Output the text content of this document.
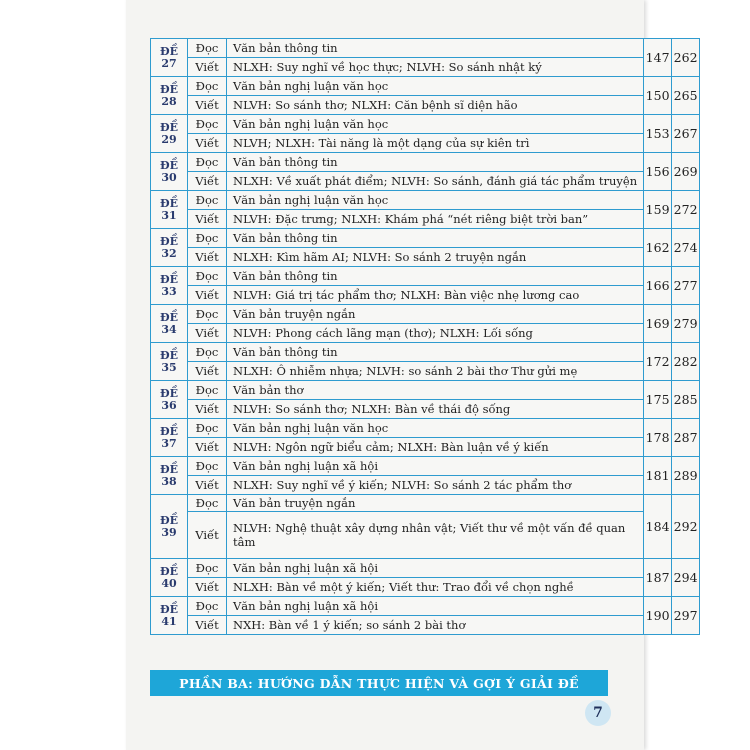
ĐỀ
27	Đọc	Văn bản thông tin	147	262
	Viết	NLXH: Suy nghĩ về học thực; NLVH: So sánh nhật ký		
ĐỀ
28	Đọc	Văn bản nghị luận văn học	150	265
	Viết	NLVH: So sánh thơ; NLXH: Căn bệnh sĩ diện hão		
ĐỀ
29	Đọc	Văn bản nghị luận văn học	153	267
	Viết	NLVH; NLXH: Tài năng là một dạng của sự kiên trì		
ĐỀ
30	Đọc	Văn bản thông tin	156	269
	Viết	NLXH: Về xuất phát điểm; NLVH: So sánh, đánh giá tác phẩm truyện		
ĐỀ
31	Đọc	Văn bản nghị luận văn học	159	272
	Viết	NLVH: Đặc trưng; NLXH: Khám phá “nét riêng biệt trời ban”		
ĐỀ
32	Đọc	Văn bản thông tin	162	274
	Viết	NLXH: Kìm hãm AI; NLVH: So sánh 2 truyện ngắn		
ĐỀ
33	Đọc	Văn bản thông tin	166	277
	Viết	NLVH: Giá trị tác phẩm thơ; NLXH: Bàn việc nhẹ lương cao		
ĐỀ
34	Đọc	Văn bản truyện ngắn	169	279
	Viết	NLVH: Phong cách lãng mạn (thơ); NLXH: Lối sống		
ĐỀ
35	Đọc	Văn bản thông tin	172	282
	Viết	NLXH: Ô nhiễm nhựa; NLVH: so sánh 2 bài thơ Thư gửi mẹ		
ĐỀ
36	Đọc	Văn bản thơ	175	285
	Viết	NLVH: So sánh thơ; NLXH: Bàn về thái độ sống		
ĐỀ
37	Đọc	Văn bản nghị luận văn học	178	287
	Viết	NLVH: Ngôn ngữ biểu cảm; NLXH: Bàn luận về ý kiến		
ĐỀ
38	Đọc	Văn bản nghị luận xã hội	181	289
	Viết	NLXH: Suy nghĩ về ý kiến; NLVH: So sánh 2 tác phẩm thơ		
ĐỀ
39	Đọc	Văn bản truyện ngắn	184	292
	Viết	NLVH: Nghệ thuật xây dựng nhân vật; Viết thư về một vấn đề quan tâm		
ĐỀ
40	Đọc	Văn bản nghị luận xã hội	187	294
	Viết	NLXH: Bàn về một ý kiến; Viết thư: Trao đổi về chọn nghề		
ĐỀ
41	Đọc	Văn bản nghị luận xã hội	190	297
	Viết	NXH: Bàn về 1 ý kiến; so sánh 2 bài thơ		
PHẦN BA: HƯỚNG DẪN THỰC HIỆN VÀ GỢI Ý GIẢI ĐỀ
7
